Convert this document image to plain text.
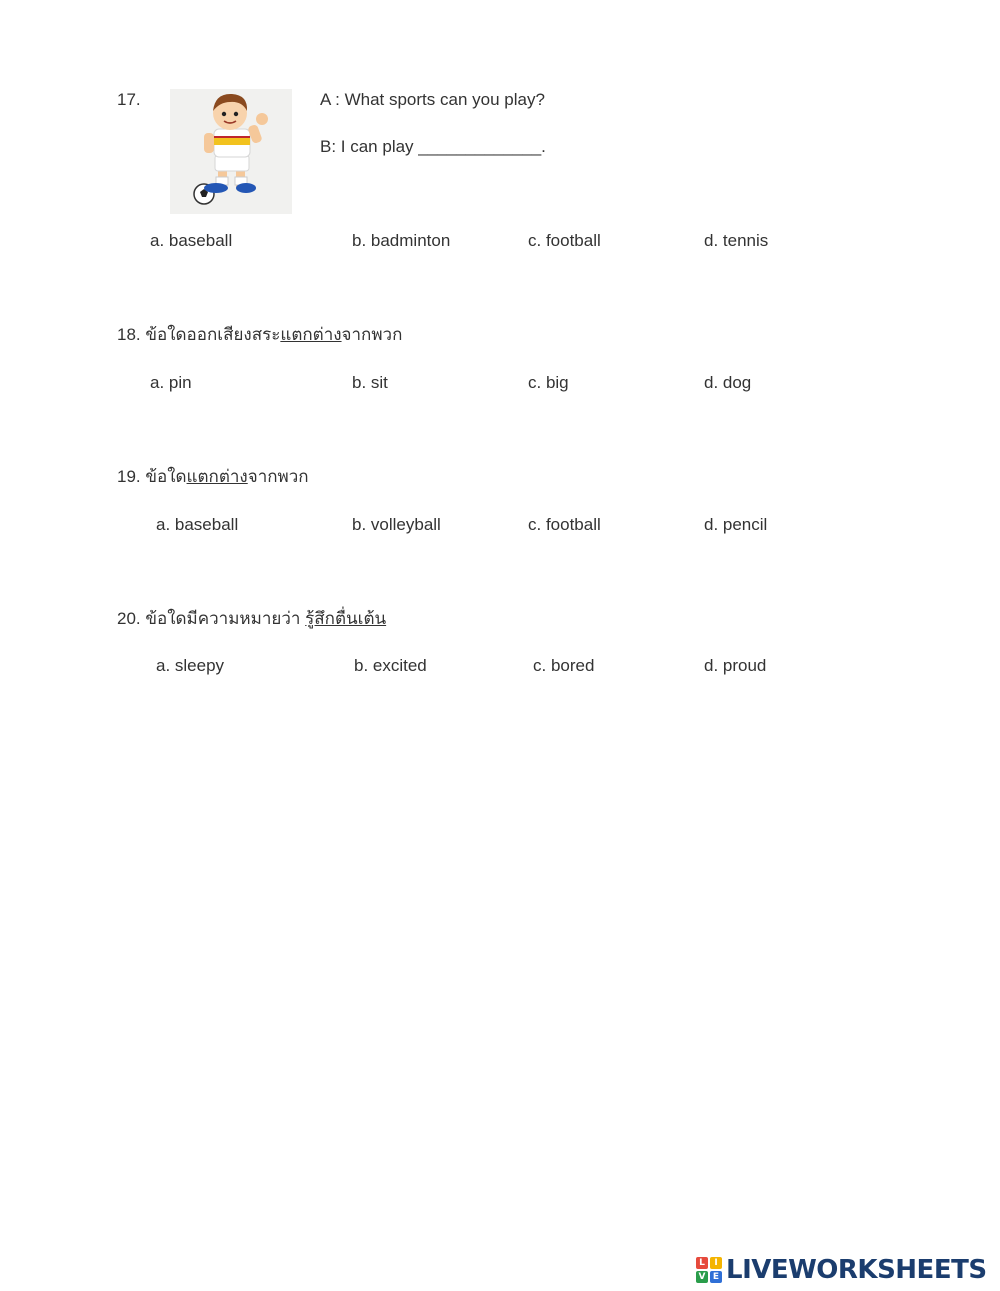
17.	A : What sports can you play?
B: I can play _____________.
a. baseball	b. badminton	c. football	d. tennis
18. ข้อใดออกเสียงสระแตกต่างจากพวก
a. pin	b. sit	c. big	d. dog
19. ข้อใดแตกต่างจากพวก
a. baseball	b. volleyball	c. football	d. pencil
20. ข้อใดมีความหมายว่า รู้สึกตื่นเต้น
a. sleepy	b. excited	c. bored	d. proud
L	I
V E LIVEWORKSHEETS
